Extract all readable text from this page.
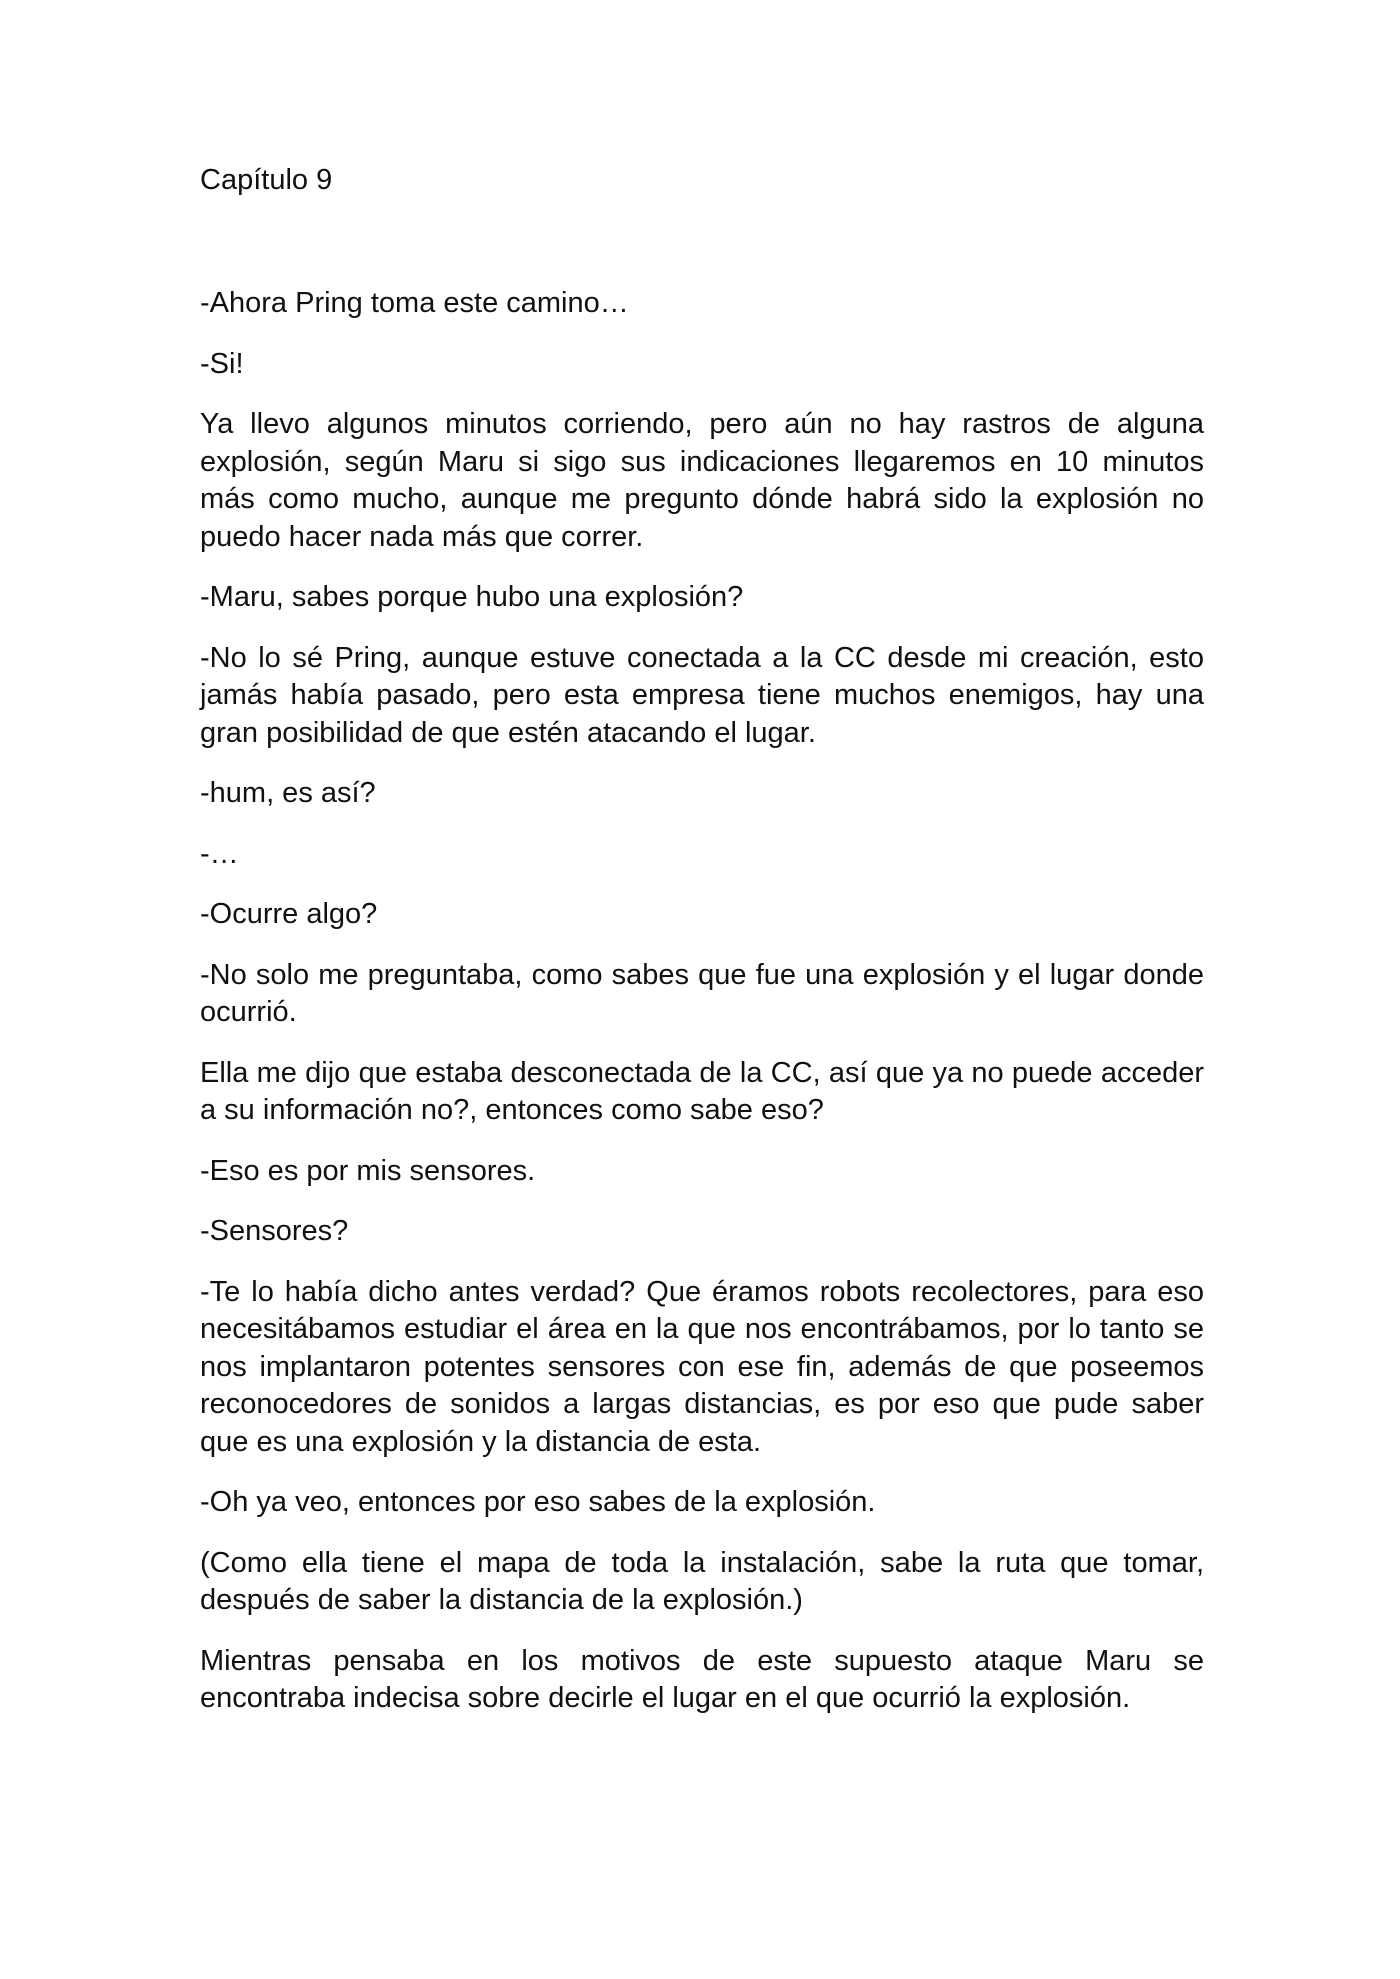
Capítulo 9

-Ahora Pring toma este camino…

-Si!

Ya llevo algunos minutos corriendo, pero aún no hay rastros de alguna explosión, según Maru si sigo sus indicaciones llegaremos en 10 minutos más como mucho, aunque me pregunto dónde habrá sido la explosión no puedo hacer nada más que correr.

-Maru, sabes porque hubo una explosión?

-No lo sé Pring, aunque estuve conectada a la CC desde mi creación, esto jamás había pasado, pero esta empresa tiene muchos enemigos, hay una gran posibilidad de que estén atacando el lugar.

-hum, es así?

-…

-Ocurre algo?

-No solo me preguntaba, como sabes que fue una explosión y el lugar donde ocurrió.

Ella me dijo que estaba desconectada de la CC, así que ya no puede acceder a su información no?, entonces como sabe eso?

-Eso es por mis sensores.

-Sensores?

-Te lo había dicho antes verdad? Que éramos robots recolectores, para eso necesitábamos estudiar el área en la que nos encontrábamos, por lo tanto se nos implantaron potentes sensores con ese fin, además de que poseemos reconocedores de sonidos a largas distancias, es por eso que pude saber que es una explosión y la distancia de esta.

-Oh ya veo, entonces por eso sabes de la explosión.

(Como ella tiene el mapa de toda la instalación, sabe la ruta que tomar, después de saber la distancia de la explosión.)

Mientras pensaba en los motivos de este supuesto ataque Maru se encontraba indecisa sobre decirle el lugar en el que ocurrió la explosión.
